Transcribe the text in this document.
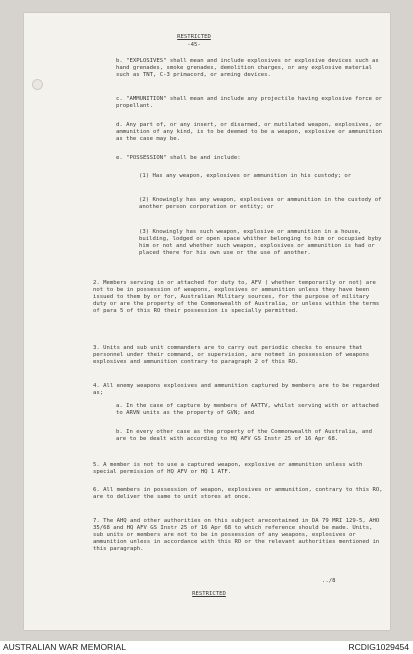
RESTRICTED

-45-

b. "EXPLOSIVES" shall mean and include explosives or explosive devices such as hand grenades, smoke grenades, demolition charges, or any explosive material such as TNT, C-3 primacord, or arming devices.

c. "AMMUNITION" shall mean and include any projectile having explosive force or propellant.

d. Any part of, or any insert, or disarmed, or mutilated weapon, explosives, or ammunition of any kind, is to be deemed to be a weapon, explosive or ammunition as the case may be.

e. "POSSESSION" shall be and include:

(1) Has any weapon, explosives or ammunition in his custody; or

(2) Knowingly has any weapon, explosives or ammunition in the custody of another person corporation or entity; or

(3) Knowingly has such weapon, explosive or ammunition in a house, building, lodged or open space whither belonging to him or occupied byby him or not and whether such weapon, explosives or ammunition is had or placed there for his own use or the use of another.

2. Members serving in or attached for duty to, AFV ( whether temporarily or not) are not to be in possession of weapons, explosives or ammunition unless they have been issued to them by or for, Australian Military sources, for the purpose of military duty or are the property of the Commonwealth of Australia, or unless within the terms of para 5 of this RO their possession is specially permitted.

3. Units and sub unit commanders are to carry out periodic checks to ensure that personnel under their command, or supervision, are notmet in possession of weapons explosives and ammunition contrary to paragraph 2 of this RO.

4. All enemy weapons explosives and ammunition captured by members are to be regarded as;

a. In the case of capture by members of AATTV, whilst serving with or attached to ARVN units as the property of GVN; and

b. In every other case as the property of the Commonwealth of Australia, and are to be dealt with according to HQ AFV GS Instr 25 of 16 Apr 68.

5. A member is not to use a captured weapon, explosive or ammunition unless with special permission of HQ AFV or HQ 1 ATF.

6. All members in possession of weapon, explosives or ammunition, contrary to this RO, are to deliver the same to unit stores at once.

7. The AHQ and other authorities on this subject arecontained in DA 79 MRI 129-5, AHO 35/68 and HQ AFV GS Instr 25 of 16 Apr 68 to which reference should be made. Units, sub units or members are not to be in possession of any weapons, explosives or ammunition unless in accordance with this RO or the relevant authorities mentioned in this paragraph.

../8

RESTRICTED

AUSTRALIAN WAR MEMORIAL	RCDIG1029454
